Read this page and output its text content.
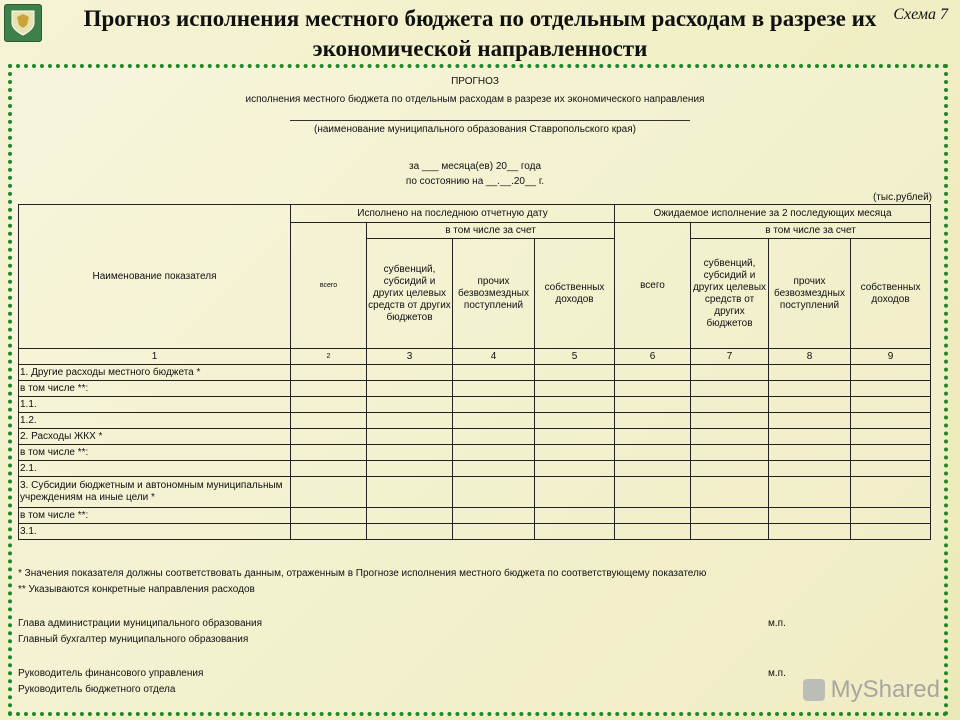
Прогноз исполнения местного бюджета по отдельным расходам в разрезе их экономической направленности
Схема 7
ПРОГНОЗ
исполнения местного бюджета по отдельным расходам в разрезе их экономического направления
(наименование муниципального образования Ставропольского края)
за ___ месяца(ев) 20__ года
по состоянию на __.__.20__ г.
(тыс.рублей)
Наименование показателя	Исполнено на последнюю отчетную дату				Ожидаемое исполнение за 2 последующих месяца			
	всего	в том числе за счет			всего	в том числе за счет		
		субвенций, субсидий и других целевых средств от других бюджетов	прочих безвозмездных поступлений	собственных доходов		субвенций, субсидий и других целевых средств от других бюджетов	прочих безвозмездных поступлений	собственных доходов
1	2	3	4	5	6	7	8	9
1. Другие расходы местного бюджета *								
в том числе **:								
1.1.								
1.2.								
2. Расходы ЖКХ *								
в том числе **:								
2.1.								
3. Субсидии бюджетным и автономным муниципальным учреждениям на иные цели *								
в том числе **:								
3.1.								
* Значения показателя должны соответствовать данным, отраженным в Прогнозе исполнения местного бюджета по соответствующему показателю
** Указываются конкретные направления расходов
Глава администрации муниципального образования	м.п.
Главный бухгалтер муниципального образования
Руководитель финансового управления	м.п.
Руководитель бюджетного отдела	MyShared
